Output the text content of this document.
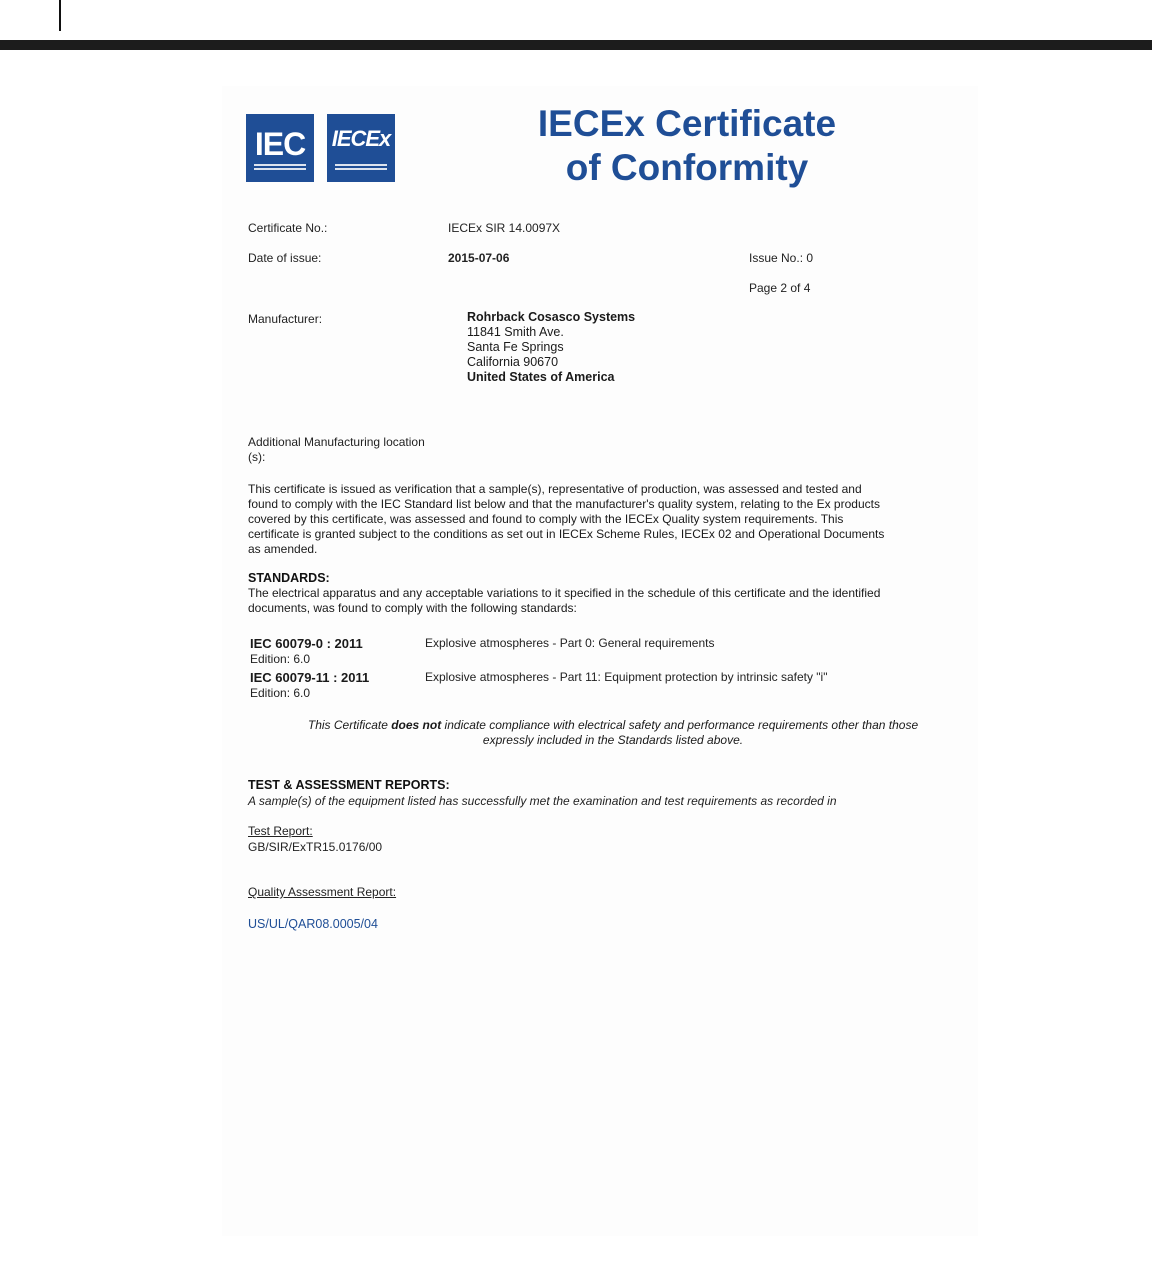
IEC	IECEx	IECEx Certificate
of Conformity
Certificate No.:	IECEx SIR 14.0097X
Date of issue:	2015-07-06	Issue No.: 0
Page 2 of 4
Manufacturer:	Rohrback Cosasco Systems
11841 Smith Ave.
Santa Fe Springs
California 90670
United States of America
Additional Manufacturing location
(s):
This certificate is issued as verification that a sample(s), representative of production, was assessed and tested and
found to comply with the IEC Standard list below and that the manufacturer's quality system, relating to the Ex products
covered by this certificate, was assessed and found to comply with the IECEx Quality system requirements. This
certificate is granted subject to the conditions as set out in IECEx Scheme Rules, IECEx 02 and Operational Documents
as amended.
STANDARDS:
The electrical apparatus and any acceptable variations to it specified in the schedule of this certificate and the identified
documents, was found to comply with the following standards:
IEC 60079-0 : 2011
Edition: 6.0
Explosive atmospheres - Part 0: General requirements
IEC 60079-11 : 2011
Edition: 6.0
Explosive atmospheres - Part 11: Equipment protection by intrinsic safety "i"
This Certificate does not indicate compliance with electrical safety and performance requirements other than those
expressly included in the Standards listed above.
TEST & ASSESSMENT REPORTS:
A sample(s) of the equipment listed has successfully met the examination and test requirements as recorded in
Test Report:
GB/SIR/ExTR15.0176/00
Quality Assessment Report:
US/UL/QAR08.0005/04
